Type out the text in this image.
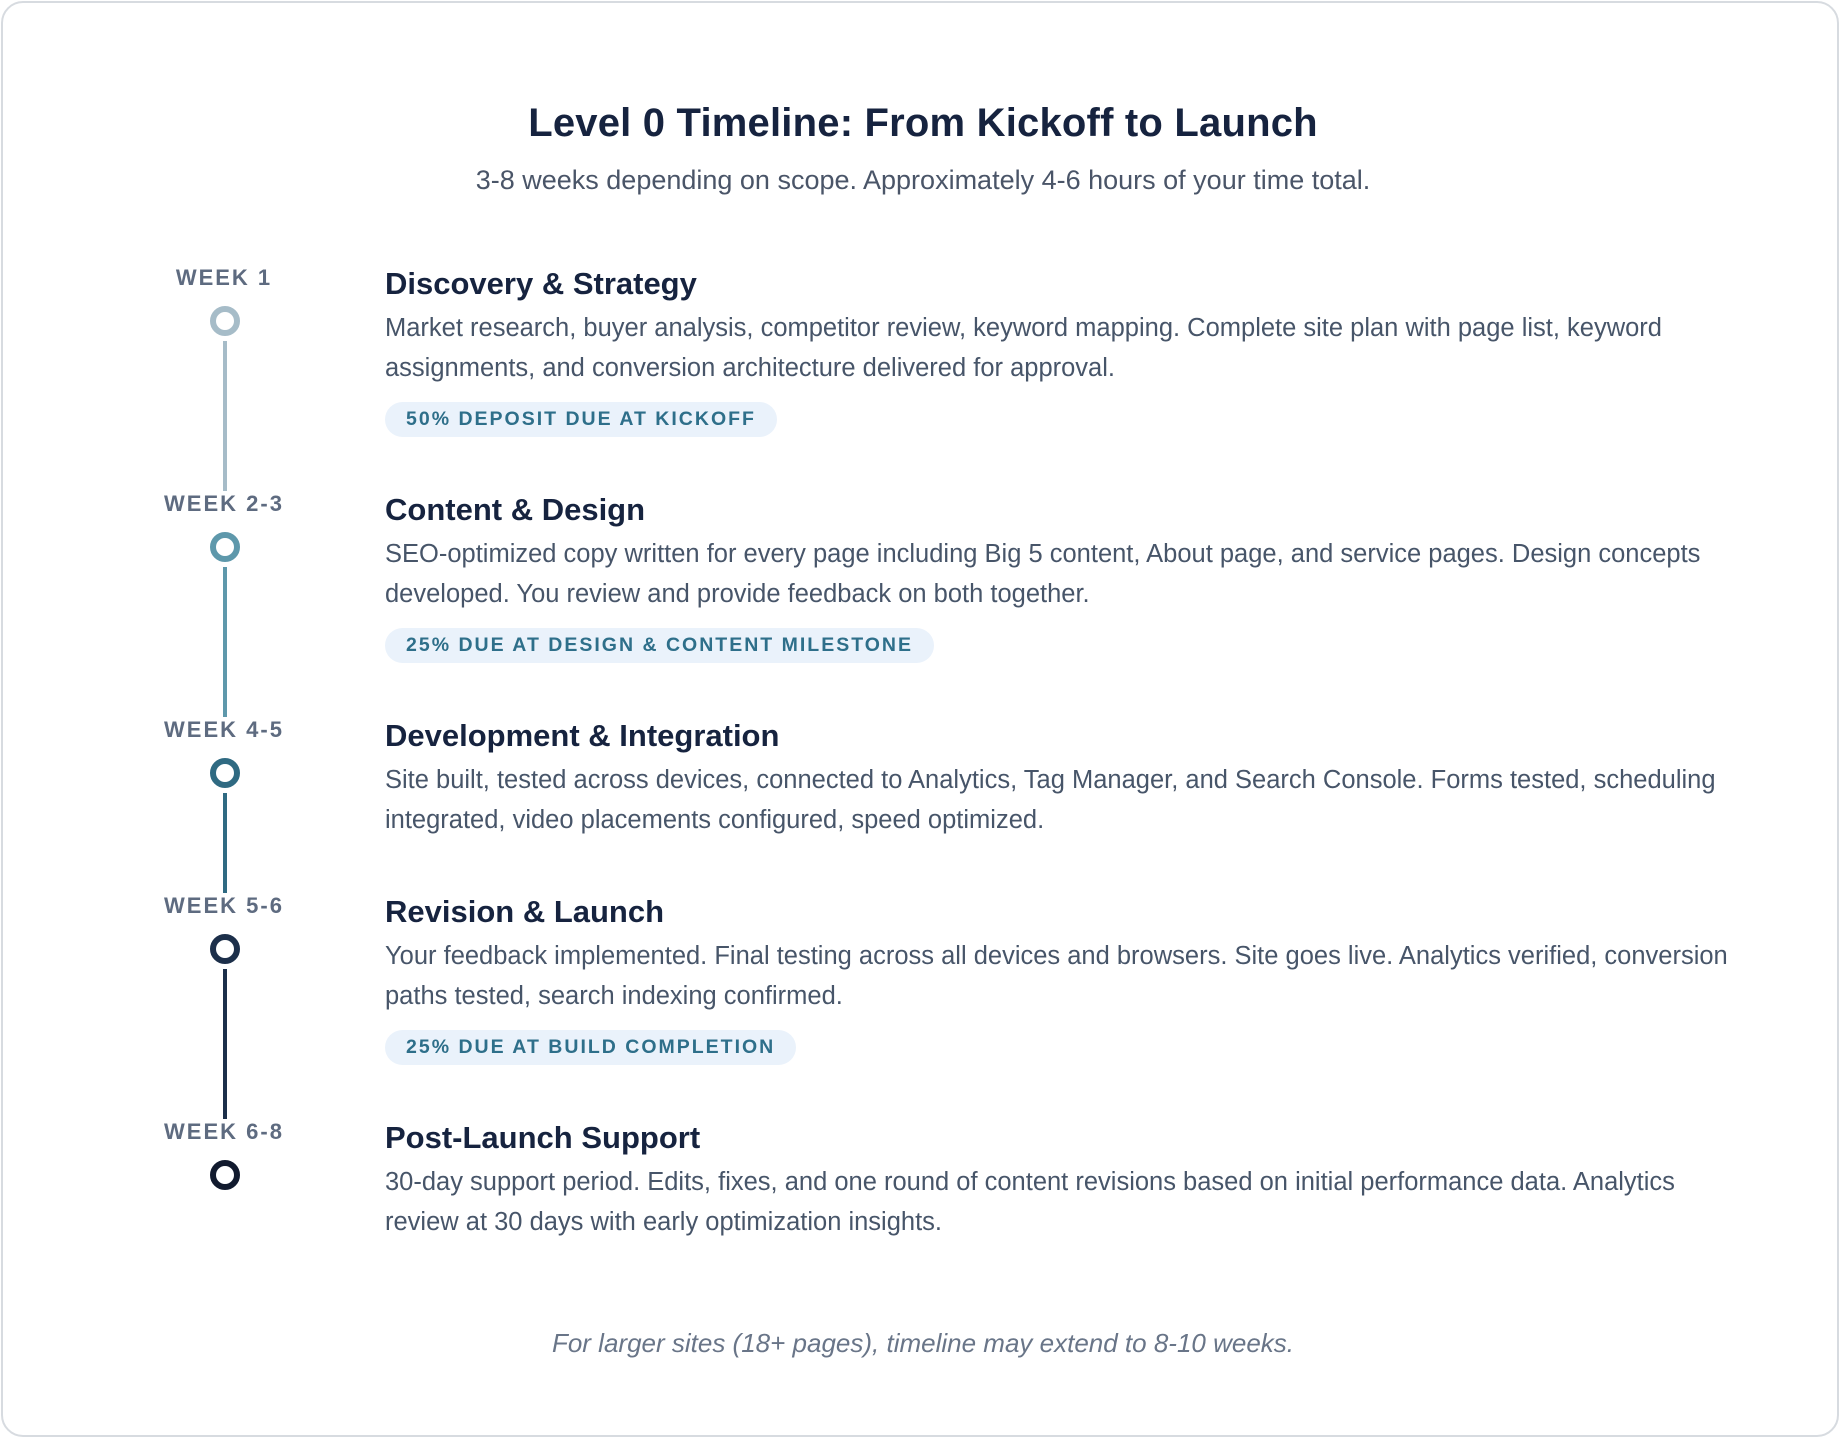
Level 0 Timeline: From Kickoff to Launch

3-8 weeks depending on scope. Approximately 4-6 hours of your time total.

WEEK 1	Discovery & Strategy
Market research, buyer analysis, competitor review, keyword mapping. Complete site plan with page list, keyword assignments, and conversion architecture delivered for approval.
50% DEPOSIT DUE AT KICKOFF
WEEK 2-3	Content & Design
SEO-optimized copy written for every page including Big 5 content, About page, and service pages. Design concepts developed. You review and provide feedback on both together.
25% DUE AT DESIGN & CONTENT MILESTONE
WEEK 4-5	Development & Integration
Site built, tested across devices, connected to Analytics, Tag Manager, and Search Console. Forms tested, scheduling integrated, video placements configured, speed optimized.
WEEK 5-6	Revision & Launch
Your feedback implemented. Final testing across all devices and browsers. Site goes live. Analytics verified, conversion paths tested, search indexing confirmed.
25% DUE AT BUILD COMPLETION
WEEK 6-8	Post-Launch Support
30-day support period. Edits, fixes, and one round of content revisions based on initial performance data. Analytics review at 30 days with early optimization insights.

For larger sites (18+ pages), timeline may extend to 8-10 weeks.
